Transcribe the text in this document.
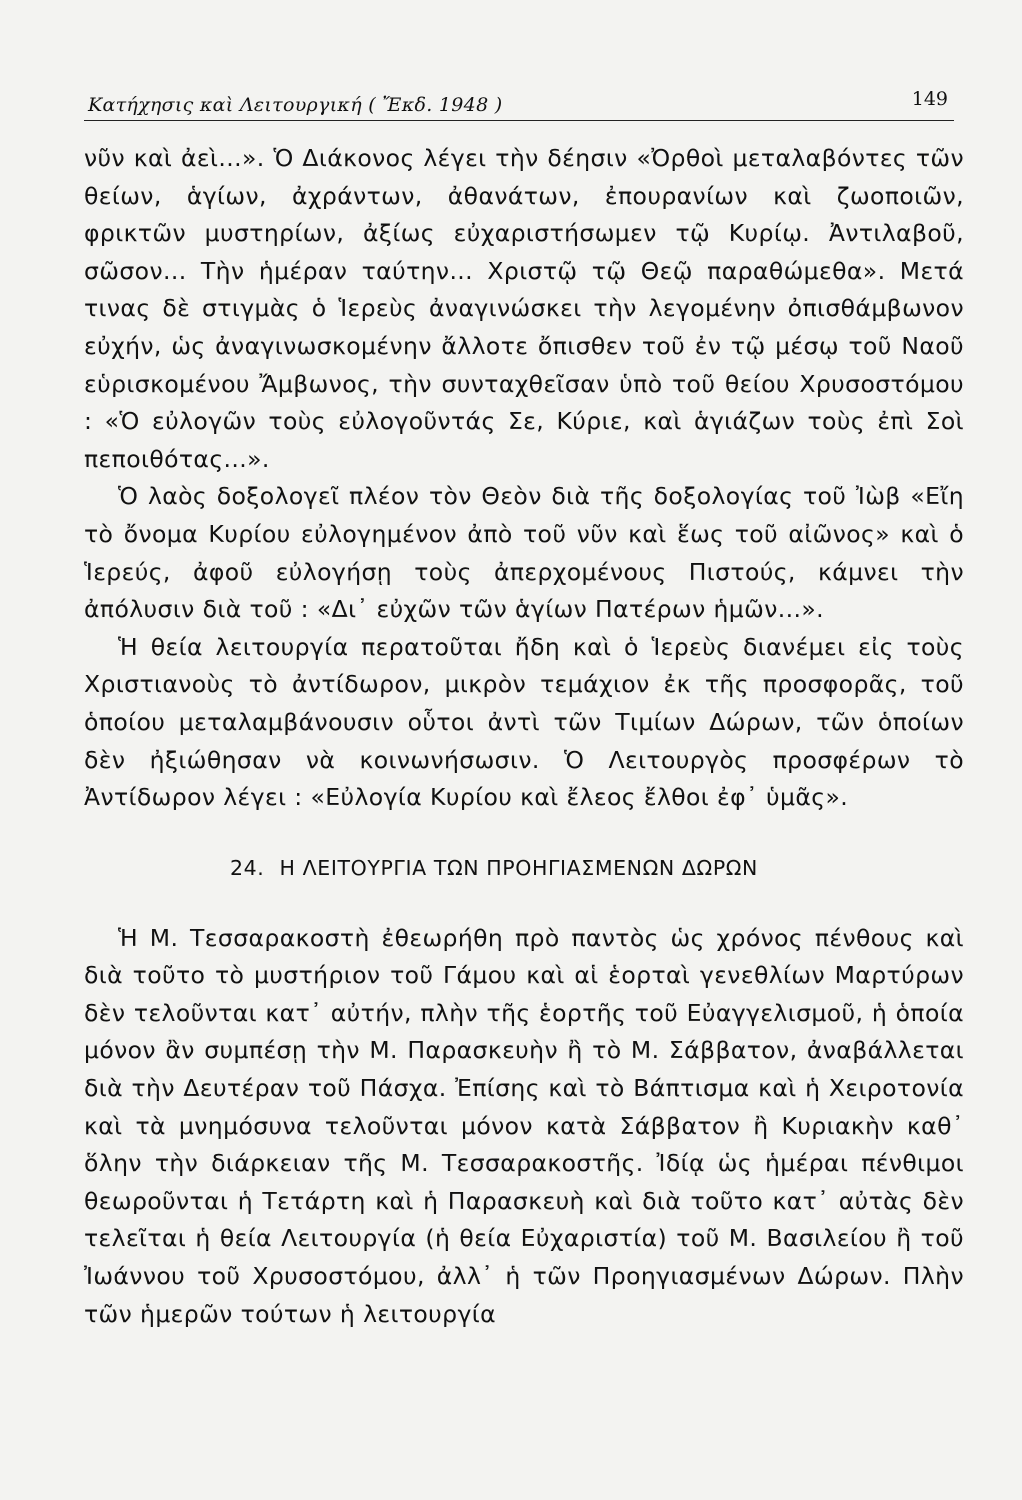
Κατήχησις καὶ Λειτουργική ( Ἔκδ. 1948 )	149

νῦν καὶ ἀεὶ...». Ὁ Διάκονος λέγει τὴν δέησιν «Ὀρθοὶ μεταλαβόντες τῶν θείων, ἁγίων, ἀχράντων, ἀθανάτων, ἐπουρανίων καὶ ζωοποιῶν, φρικτῶν μυστηρίων, ἀξίως εὐχαριστήσωμεν τῷ Κυρίῳ. Ἀντιλαβοῦ, σῶσον... Τὴν ἡμέραν ταύτην... Χριστῷ τῷ Θεῷ παραθώμεθα». Μετά τινας δὲ στιγμὰς ὁ Ἱερεὺς ἀναγινώσκει τὴν λεγομένην ὀπισθάμβωνον εὐχήν, ὡς ἀναγινωσκομένην ἄλλοτε ὄπισθεν τοῦ ἐν τῷ μέσῳ τοῦ Ναοῦ εὑρισκομένου Ἄμβωνος, τὴν συνταχθεῖσαν ὑπὸ τοῦ θείου Χρυσοστόμου : «Ὁ εὐλογῶν τοὺς εὐλογοῦντάς Σε, Κύριε, καὶ ἁγιάζων τοὺς ἐπὶ Σοὶ πεποιθότας...».

Ὁ λαὸς δοξολογεῖ πλέον τὸν Θεὸν διὰ τῆς δοξολογίας τοῦ Ἰὼβ «Εἴη τὸ ὄνομα Κυρίου εὐλογημένον ἀπὸ τοῦ νῦν καὶ ἕως τοῦ αἰῶνος» καὶ ὁ Ἱερεύς, ἀφοῦ εὐλογήσῃ τοὺς ἀπερχομένους Πιστούς, κάμνει τὴν ἀπόλυσιν διὰ τοῦ : «Δι᾽ εὐχῶν τῶν ἁγίων Πατέρων ἡμῶν...».

Ἡ θεία λειτουργία περατοῦται ἤδη καὶ ὁ Ἱερεὺς διανέμει εἰς τοὺς Χριστιανοὺς τὸ ἀντίδωρον, μικρὸν τεμάχιον ἐκ τῆς προσφορᾶς, τοῦ ὁποίου μεταλαμβάνουσιν οὗτοι ἀντὶ τῶν Τιμίων Δώρων, τῶν ὁποίων δὲν ἠξιώθησαν νὰ κοινωνήσωσιν. Ὁ Λειτουργὸς προσφέρων τὸ Ἀντίδωρον λέγει : «Εὐλογία Κυρίου καὶ ἔλεος ἔλθοι ἐφ᾽ ὑμᾶς».

24. Η ΛΕΙΤΟΥΡΓΙΑ ΤΩΝ ΠΡΟΗΓΙΑΣΜΕΝΩΝ ΔΩΡΩΝ

Ἡ Μ. Τεσσαρακοστὴ ἐθεωρήθη πρὸ παντὸς ὡς χρόνος πένθους καὶ διὰ τοῦτο τὸ μυστήριον τοῦ Γάμου καὶ αἱ ἑορταὶ γενεθλίων Μαρτύρων δὲν τελοῦνται κατ᾽ αὐτήν, πλὴν τῆς ἑορτῆς τοῦ Εὐαγγελισμοῦ, ἡ ὁποία μόνον ἂν συμπέσῃ τὴν Μ. Παρασκευὴν ἢ τὸ Μ. Σάββατον, ἀναβάλλεται διὰ τὴν Δευτέραν τοῦ Πάσχα. Ἐπίσης καὶ τὸ Βάπτισμα καὶ ἡ Χειροτονία καὶ τὰ μνημόσυνα τελοῦνται μόνον κατὰ Σάββατον ἢ Κυριακὴν καθ᾽ ὅλην τὴν διάρκειαν τῆς Μ. Τεσσαρακοστῆς. Ἰδίᾳ ὡς ἡμέραι πένθιμοι θεωροῦνται ἡ Τετάρτη καὶ ἡ Παρασκευὴ καὶ διὰ τοῦτο κατ᾽ αὐτὰς δὲν τελεῖται ἡ θεία Λειτουργία (ἡ θεία Εὐχαριστία) τοῦ Μ. Βασιλείου ἢ τοῦ Ἰωάννου τοῦ Χρυσοστόμου, ἀλλ᾽ ἡ τῶν Προηγιασμένων Δώρων. Πλὴν τῶν ἡμερῶν τούτων ἡ λειτουργία
